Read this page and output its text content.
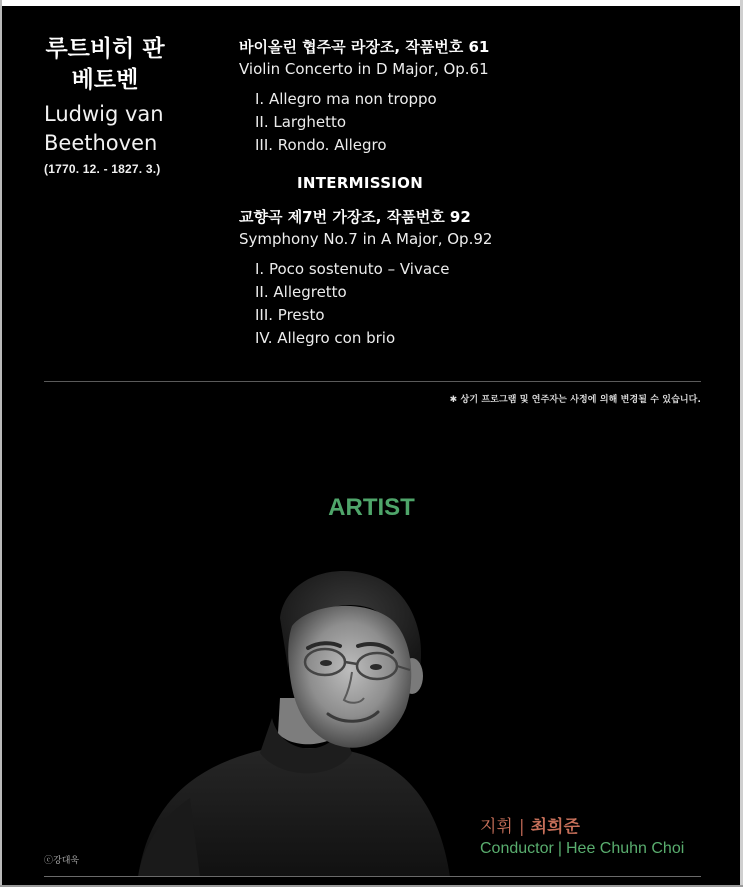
루트비히 판
베토벤
Ludwig van
Beethoven
(1770. 12. - 1827. 3.)
바이올린 협주곡 라장조, 작품번호 61
Violin Concerto in D Major, Op.61
I. Allegro ma non troppo
II. Larghetto
III. Rondo. Allegro
INTERMISSION
교향곡 제7번 가장조, 작품번호 92
Symphony No.7 in A Major, Op.92
I. Poco sostenuto – Vivace
II. Allegretto
III. Presto
IV. Allegro con brio
✱ 상기 프로그램 및 연주자는 사정에 의해 변경될 수 있습니다.
ARTIST
지휘 | 최희준
Conductor | Hee Chuhn Choi
ⓒ강대욱
